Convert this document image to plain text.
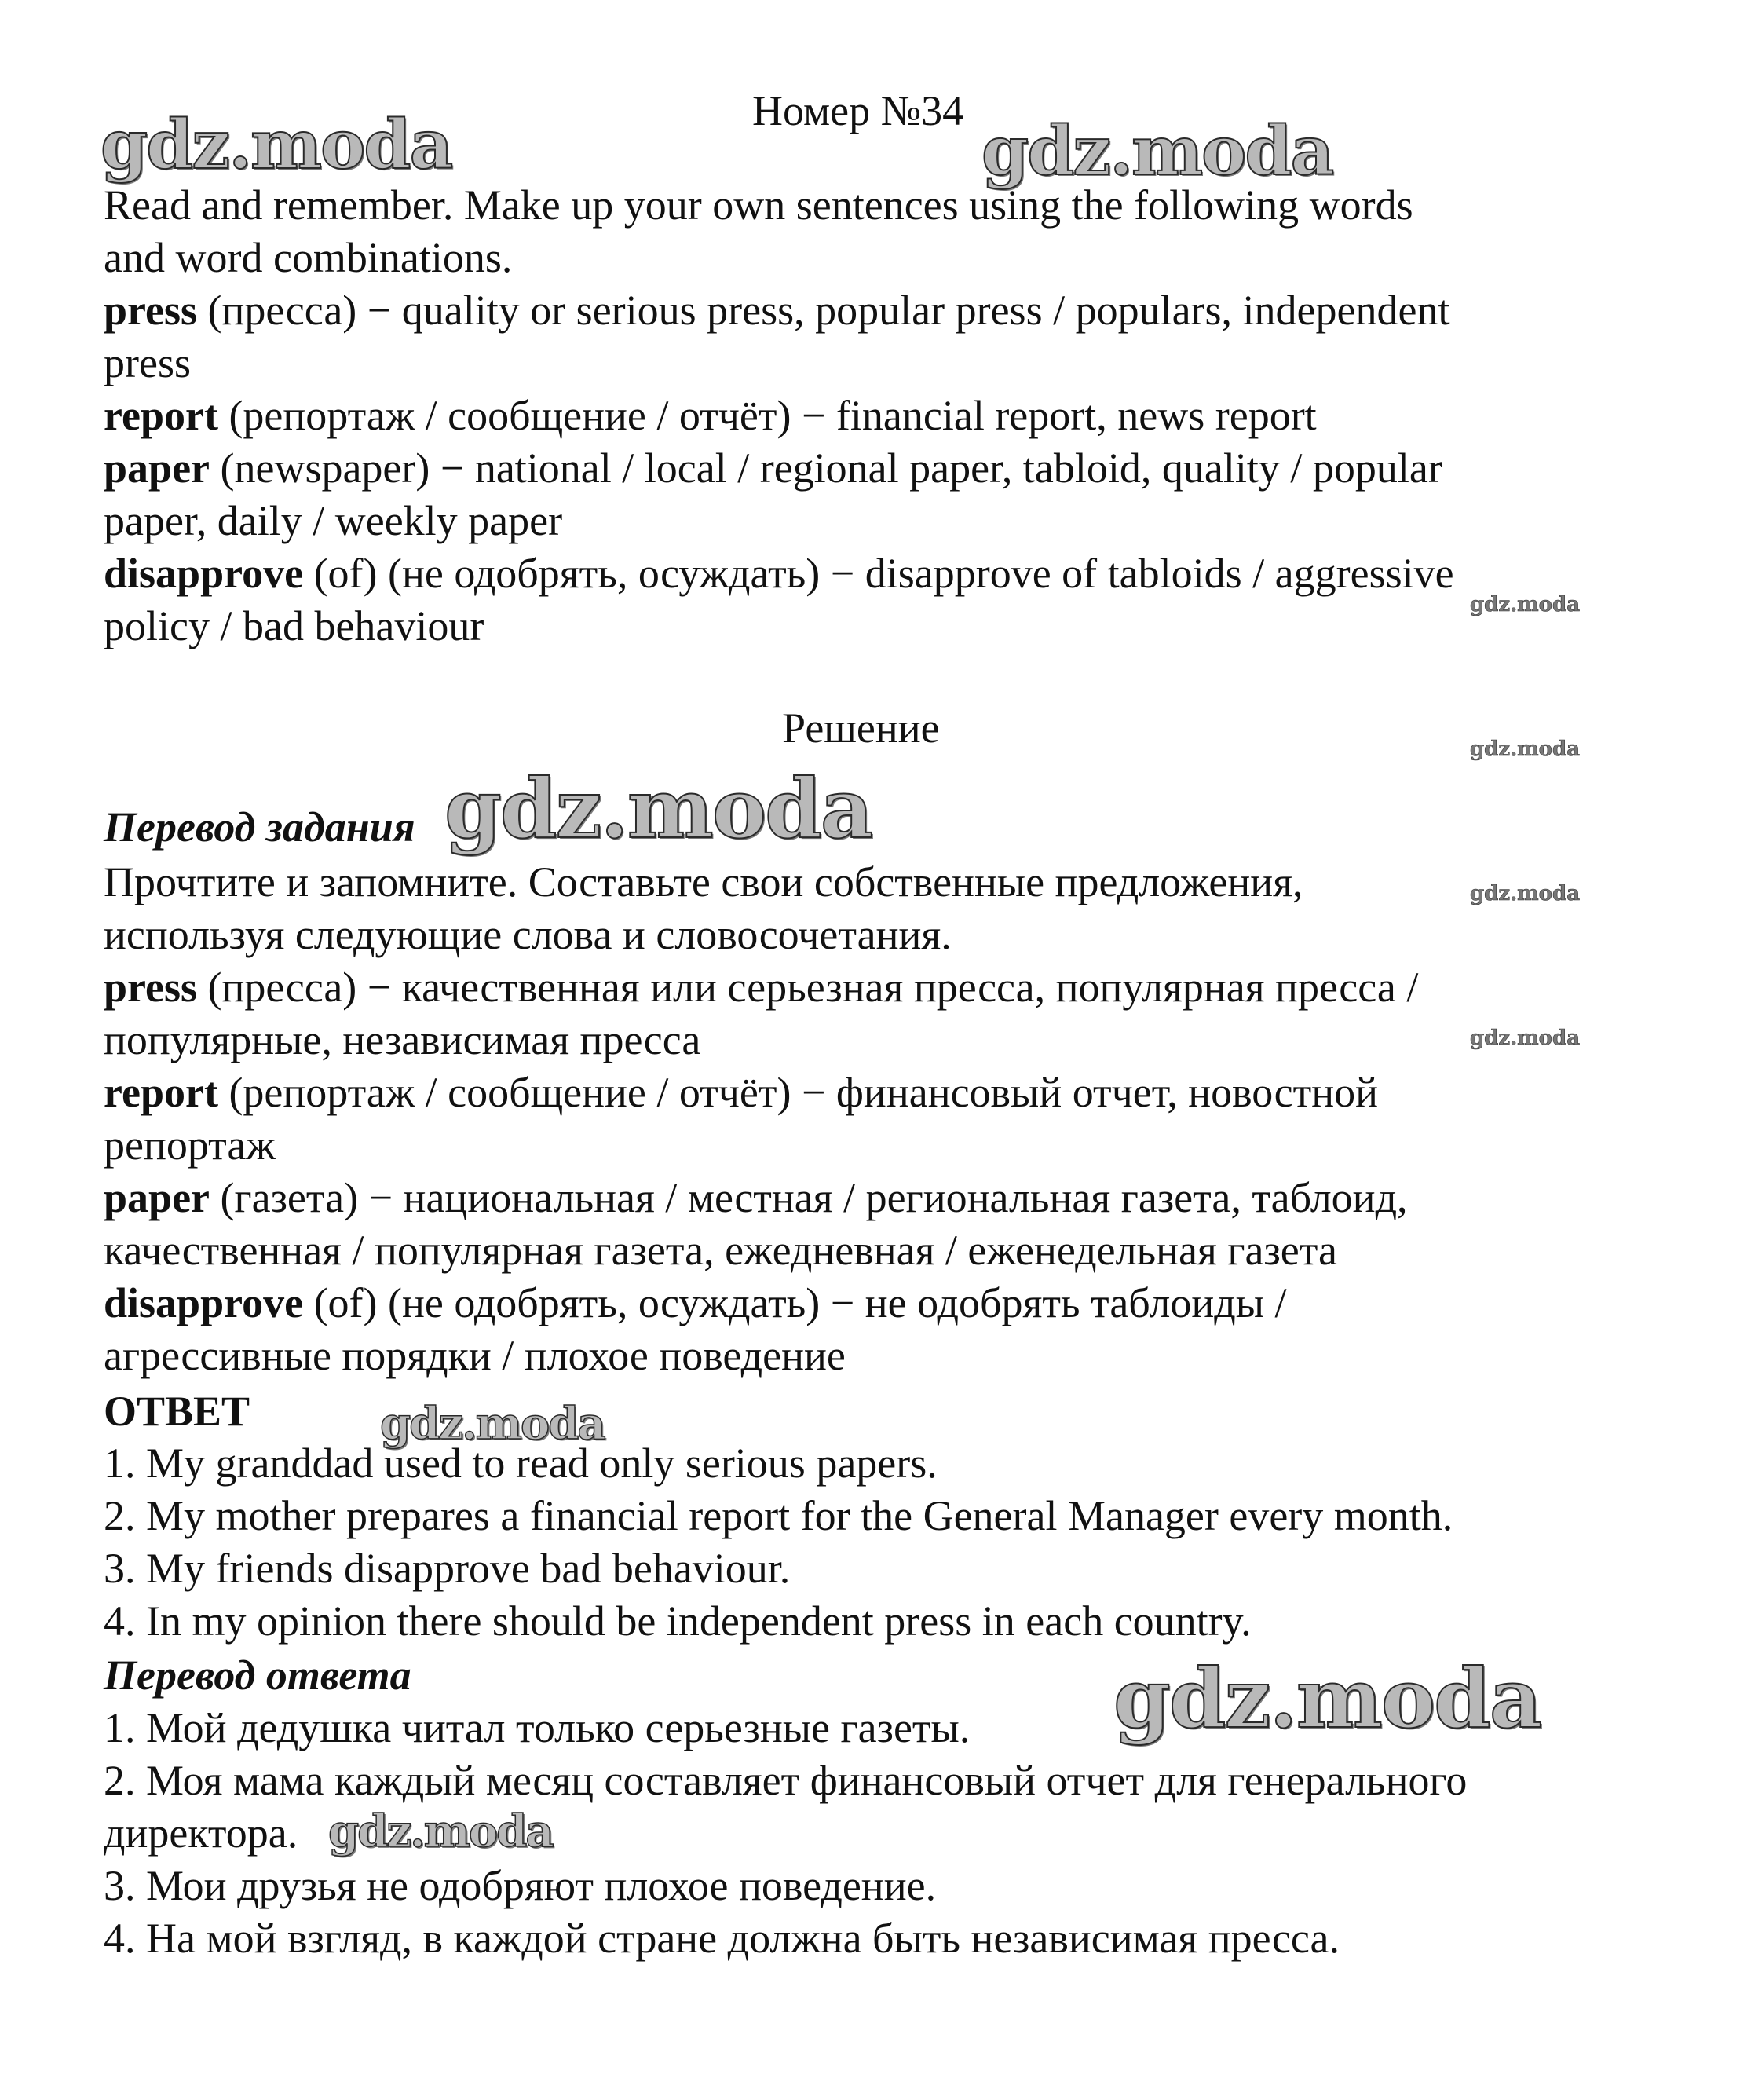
Номер №34
Read and remember. Make up your own sentences using the following words
and word combinations.
press (пресса) − quality or serious press, popular press / populars, independent
press
report (репортаж / сообщение / отчёт) − financial report, news report
paper (newspaper) − national / local / regional paper, tabloid, quality / popular
paper, daily / weekly paper
disapprove (of) (не одобрять, осуждать) − disapprove of tabloids / aggressive
policy / bad behaviour
Решение
Перевод задания
Прочтите и запомните. Составьте свои собственные предложения,
используя следующие слова и словосочетания.
press (пресса) − качественная или серьезная пресса, популярная пресса /
популярные, независимая пресса
report (репортаж / сообщение / отчёт) − финансовый отчет, новостной
репортаж
paper (газета) − национальная / местная / региональная газета, таблоид,
качественная / популярная газета, ежедневная / еженедельная газета
disapprove (of) (не одобрять, осуждать) − не одобрять таблоиды /
агрессивные порядки / плохое поведение
ОТВЕТ
1. My granddad used to read only serious papers.
2. My mother prepares a financial report for the General Manager every month.
3. My friends disapprove bad behaviour.
4. In my opinion there should be independent press in each country.
Перевод ответа
1. Мой дедушка читал только серьезные газеты.
2. Моя мама каждый месяц составляет финансовый отчет для генерального
директора.
3. Мои друзья не одобряют плохое поведение.
4. На мой взгляд, в каждой стране должна быть независимая пресса.
gdz.moda	gdz.moda
gdz.moda
gdz.moda
gdz.moda
gdz.moda
gdz.moda
gdz.moda
gdz.moda
gdz.moda
